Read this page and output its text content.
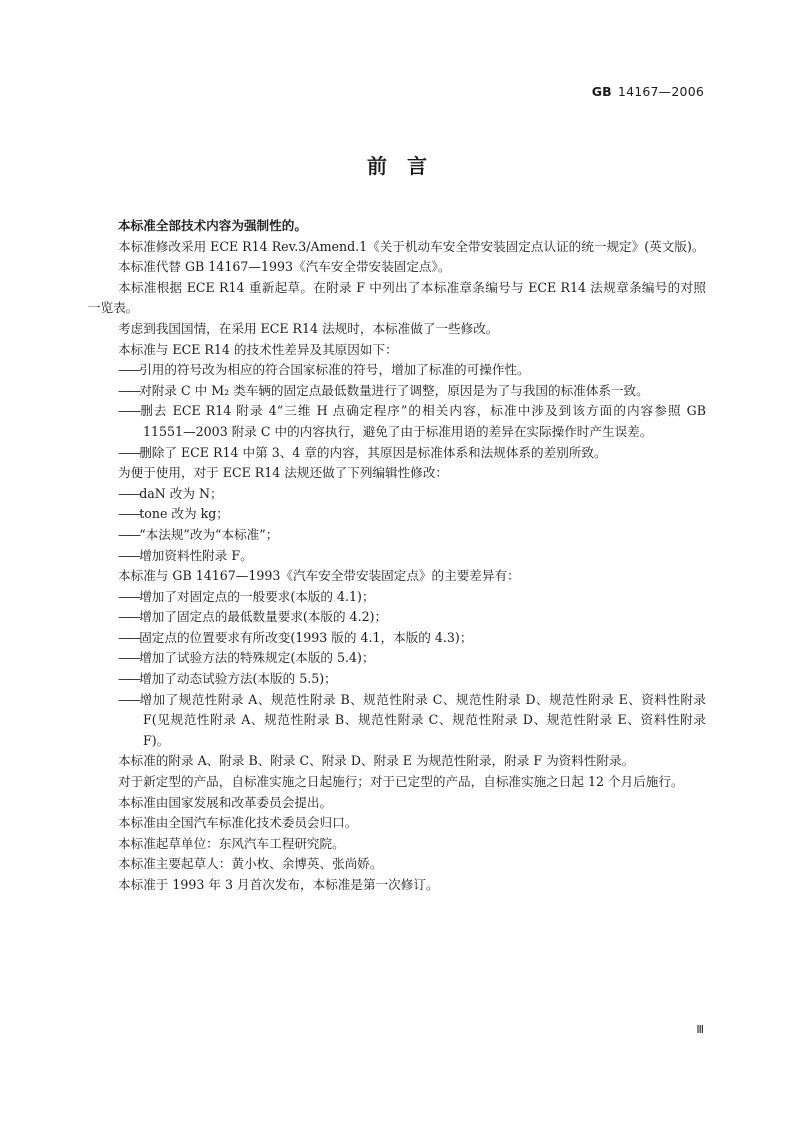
GB 14167—2006
前　言

本标准全部技术内容为强制性的。

本标准修改采用 ECE R14 Rev.3/Amend.1《关于机动车安全带安装固定点认证的统一规定》(英文版)。

本标准代替 GB 14167—1993《汽车安全带安装固定点》。

本标准根据 ECE R14 重新起草。在附录 F 中列出了本标准章条编号与 ECE R14 法规章条编号的对照一览表。

考虑到我国国情，在采用 ECE R14 法规时，本标准做了一些修改。

本标准与 ECE R14 的技术性差异及其原因如下：

——引用的符号改为相应的符合国家标准的符号，增加了标准的可操作性。

——对附录 C 中 M₂ 类车辆的固定点最低数量进行了调整，原因是为了与我国的标准体系一致。

——删去 ECE R14 附录 4“三维 H 点确定程序”的相关内容，标准中涉及到该方面的内容参照 GB 11551—2003 附录 C 中的内容执行，避免了由于标准用语的差异在实际操作时产生误差。

——删除了 ECE R14 中第 3、4 章的内容，其原因是标准体系和法规体系的差别所致。

为便于使用，对于 ECE R14 法规还做了下列编辑性修改：

——daN 改为 N；

——tone 改为 kg；

——“本法规”改为“本标准”；

——增加资料性附录 F。

本标准与 GB 14167—1993《汽车安全带安装固定点》的主要差异有：

——增加了对固定点的一般要求(本版的 4.1)；

——增加了固定点的最低数量要求(本版的 4.2)；

——固定点的位置要求有所改变(1993 版的 4.1，本版的 4.3)；

——增加了试验方法的特殊规定(本版的 5.4)；

——增加了动态试验方法(本版的 5.5)；

——增加了规范性附录 A、规范性附录 B、规范性附录 C、规范性附录 D、规范性附录 E、资料性附录 F(见规范性附录 A、规范性附录 B、规范性附录 C、规范性附录 D、规范性附录 E、资料性附录 F)。

本标准的附录 A、附录 B、附录 C、附录 D、附录 E 为规范性附录，附录 F 为资料性附录。

对于新定型的产品，自标准实施之日起施行；对于已定型的产品，自标准实施之日起 12 个月后施行。

本标准由国家发展和改革委员会提出。

本标准由全国汽车标准化技术委员会归口。

本标准起草单位：东风汽车工程研究院。

本标准主要起草人：黄小枚、余博英、张尚娇。

本标准于 1993 年 3 月首次发布，本标准是第一次修订。

Ⅲ
